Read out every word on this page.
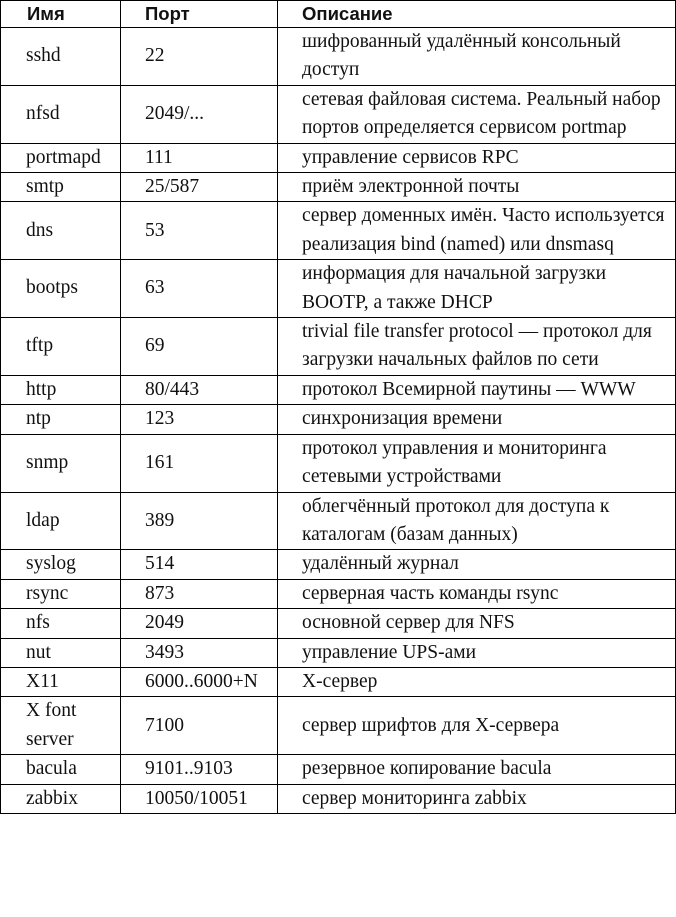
Имя	Порт	Описание
sshd	22	шифрованный удалённый консольный доступ
nfsd	2049/...	сетевая файловая система. Реальный набор портов определяется сервисом portmap
portmapd	111	управление сервисов RPC
smtp	25/587	приём электронной почты
dns	53	сервер доменных имён. Часто используется реализация bind (named) или dnsmasq
bootps	63	информация для начальной загрузки BOOTP, а также DHCP
tftp	69	trivial file transfer protocol — протокол для загрузки начальных файлов по сети
http	80/443	протокол Всемирной паутины — WWW
ntp	123	синхронизация времени
snmp	161	протокол управления и мониторинга сетевыми устройствами
ldap	389	облегчённый протокол для доступа к каталогам (базам данных)
syslog	514	удалённый журнал
rsync	873	серверная часть команды rsync
nfs	2049	основной сервер для NFS
nut	3493	управление UPS-ами
X11	6000..6000+N	X-сервер
X font server	7100	сервер шрифтов для X-сервера
bacula	9101..9103	резервное копирование bacula
zabbix	10050/10051	сервер мониторинга zabbix
